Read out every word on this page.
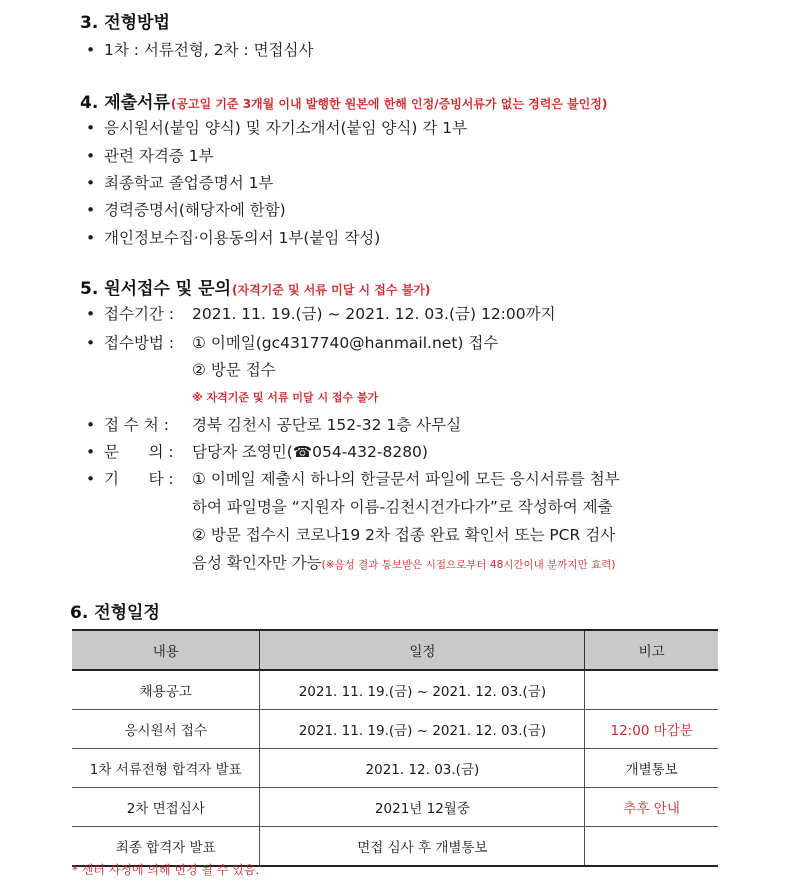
3. 전형방법
• 1차 : 서류전형, 2차 : 면접심사
4. 제출서류(공고일 기준 3개월 이내 발행한 원본에 한해 인정/증빙서류가 없는 경력은 불인정)
• 응시원서(붙임 양식) 및 자기소개서(붙임 양식) 각 1부
• 관련 자격증 1부
• 최종학교 졸업증명서 1부
• 경력증명서(해당자에 한함)
• 개인정보수집·이용동의서 1부(붙임 작성)
5. 원서접수 및 문의(자격기준 및 서류 미달 시 접수 불가)
• 접수기간 : 2021. 11. 19.(금) ~ 2021. 12. 03.(금) 12:00까지
• 접수방법 : ① 이메일(gc4317740@hanmail.net) 접수
② 방문 접수
※ 자격기준 및 서류 미달 시 접수 불가
• 접 수 처 : 경북 김천시 공단로 152-32 1층 사무실
• 문      의 : 담당자 조영민(☎054-432-8280)
• 기      타 : ① 이메일 제출시 하나의 한글문서 파일에 모든 응시서류를 첨부
하여 파일명을 “지원자 이름-김천시건가다가”로 작성하여 제출
② 방문 접수시 코로나19 2차 접종 완료 확인서 또는 PCR 검사
음성 확인자만 가능(※음성 결과 통보받은 시점으로부터 48시간이내 분까지만 효력)
6. 전형일정
내용	일정	비고
채용공고	2021. 11. 19.(금) ~ 2021. 12. 03.(금)	
응시원서 접수	2021. 11. 19.(금) ~ 2021. 12. 03.(금)	12:00 마감분
1차 서류전형 합격자 발표	2021. 12. 03.(금)	개별통보
2차 면접심사	2021년 12월중	추후 안내
최종 합격자 발표	면접 심사 후 개별통보	
* 센터 사정에 의해 변경 될 수 있음.
